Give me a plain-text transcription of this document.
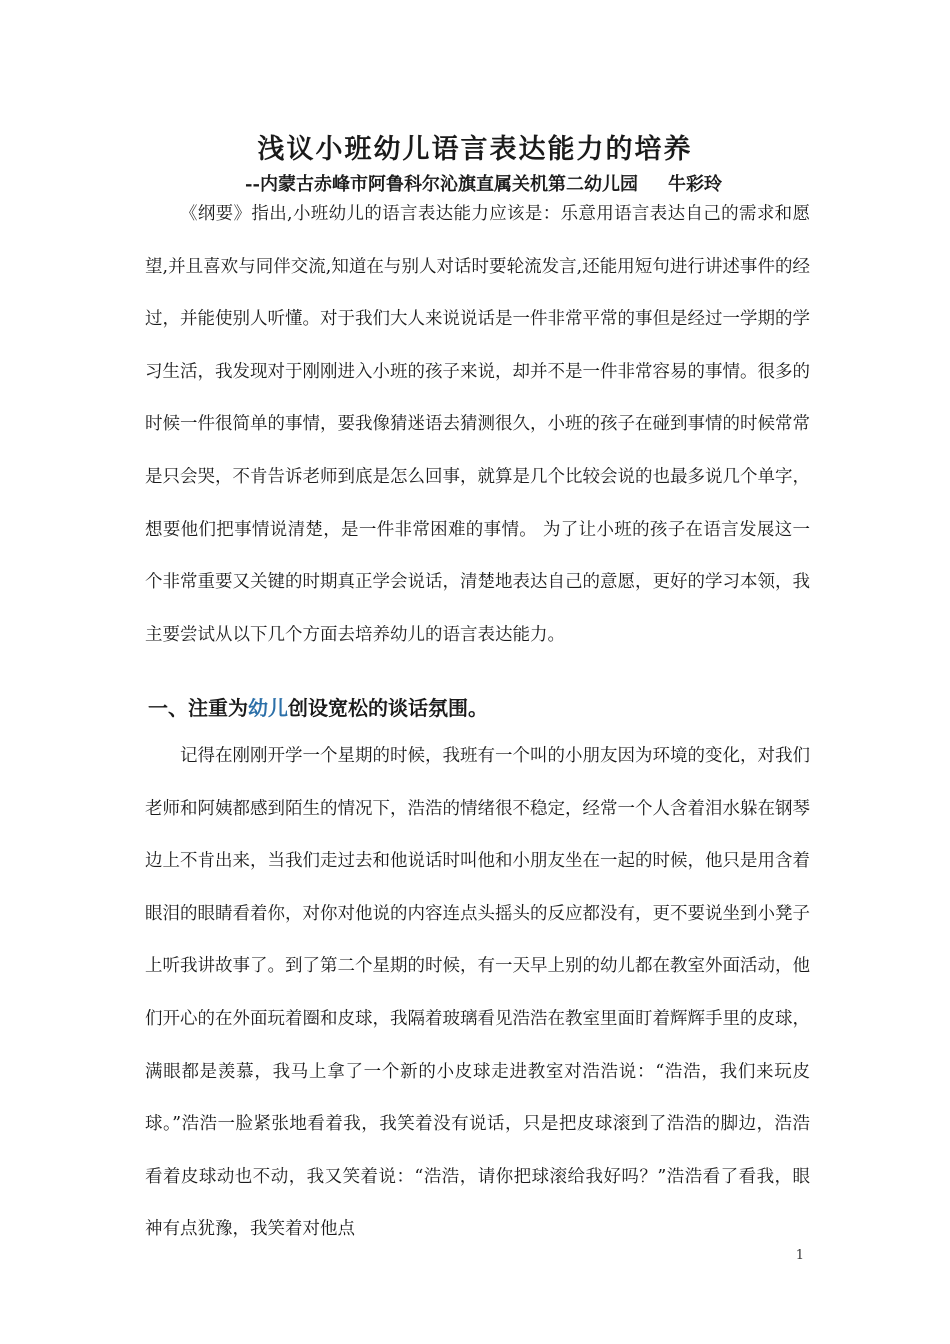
浅议小班幼儿语言表达能力的培养
--内蒙古赤峰市阿鲁科尔沁旗直属关机第二幼儿园 牛彩玲
《纲要》指出,小班幼儿的语言表达能力应该是：乐意用语言表达自己的需求和愿望,并且喜欢与同伴交流,知道在与别人对话时要轮流发言,还能用短句进行讲述事件的经过，并能使别人听懂。对于我们大人来说说话是一件非常平常的事但是经过一学期的学习生活，我发现对于刚刚进入小班的孩子来说，却并不是一件非常容易的事情。很多的时候一件很简单的事情，要我像猜迷语去猜测很久，小班的孩子在碰到事情的时候常常是只会哭，不肯告诉老师到底是怎么回事，就算是几个比较会说的也最多说几个单字，想要他们把事情说清楚，是一件非常困难的事情。 为了让小班的孩子在语言发展这一个非常重要又关键的时期真正学会说话，清楚地表达自己的意愿，更好的学习本领，我主要尝试从以下几个方面去培养幼儿的语言表达能力。
一、注重为幼儿创设宽松的谈话氛围。
记得在刚刚开学一个星期的时候，我班有一个叫的小朋友因为环境的变化，对我们老师和阿姨都感到陌生的情况下，浩浩的情绪很不稳定，经常一个人含着泪水躲在钢琴边上不肯出来，当我们走过去和他说话时叫他和小朋友坐在一起的时候，他只是用含着眼泪的眼睛看着你，对你对他说的内容连点头摇头的反应都没有，更不要说坐到小凳子上听我讲故事了。到了第二个星期的时候，有一天早上别的幼儿都在教室外面活动，他们开心的在外面玩着圈和皮球，我隔着玻璃看见浩浩在教室里面盯着辉辉手里的皮球，满眼都是羡慕，我马上拿了一个新的小皮球走进教室对浩浩说：“浩浩，我们来玩皮球。”浩浩一脸紧张地看着我，我笑着没有说话，只是把皮球滚到了浩浩的脚边，浩浩看着皮球动也不动，我又笑着说：“浩浩，请你把球滚给我好吗？”浩浩看了看我，眼神有点犹豫，我笑着对他点
1
